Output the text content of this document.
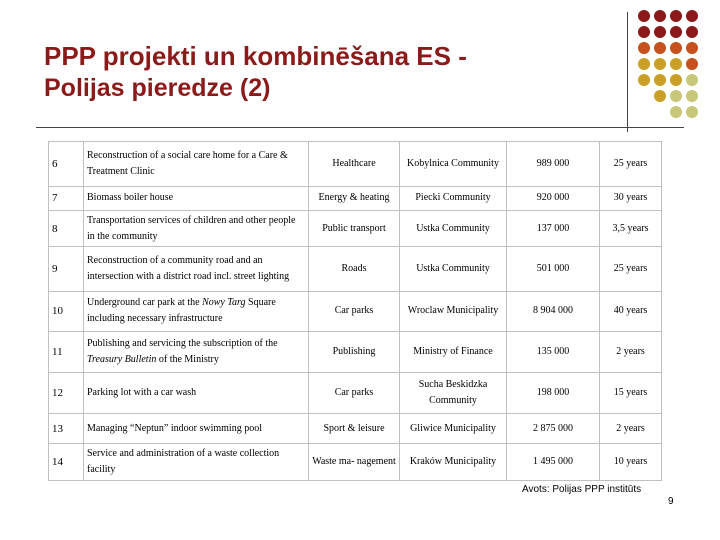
PPP projekti un kombinēšana ES -
Polijas pieredze (2)
6	Reconstruction of a social care home for a Care & Treatment Clinic	Healthcare	Kobylnica Community	989 000	25 years
7	Biomass boiler house	Energy & heating	Piecki Community	920 000	30 years
8	Transportation services of children and other people in the community	Public transport	Ustka Community	137 000	3,5 years
9	Reconstruction of a community road and an intersection with a district road incl. street lighting	Roads	Ustka Community	501 000	25 years
10	Underground car park at the Nowy Targ Square including necessary infrastructure	Car parks	Wroclaw Municipality	8 904 000	40 years
11	Publishing and servicing the subscription of the Treasury Bulletin of the Ministry	Publishing	Ministry of Finance	135 000	2 years
12	Parking lot with a car wash	Car parks	Sucha Beskidzka Community	198 000	15 years
13	Managing “Neptun” indoor swimming pool	Sport & leisure	Gliwice Municipality	2 875 000	2 years
14	Service and administration of a waste collection facility	Waste ma- nagement	Kraków Municipality	1 495 000	10 years
Avots: Polijas PPP institūts
9
